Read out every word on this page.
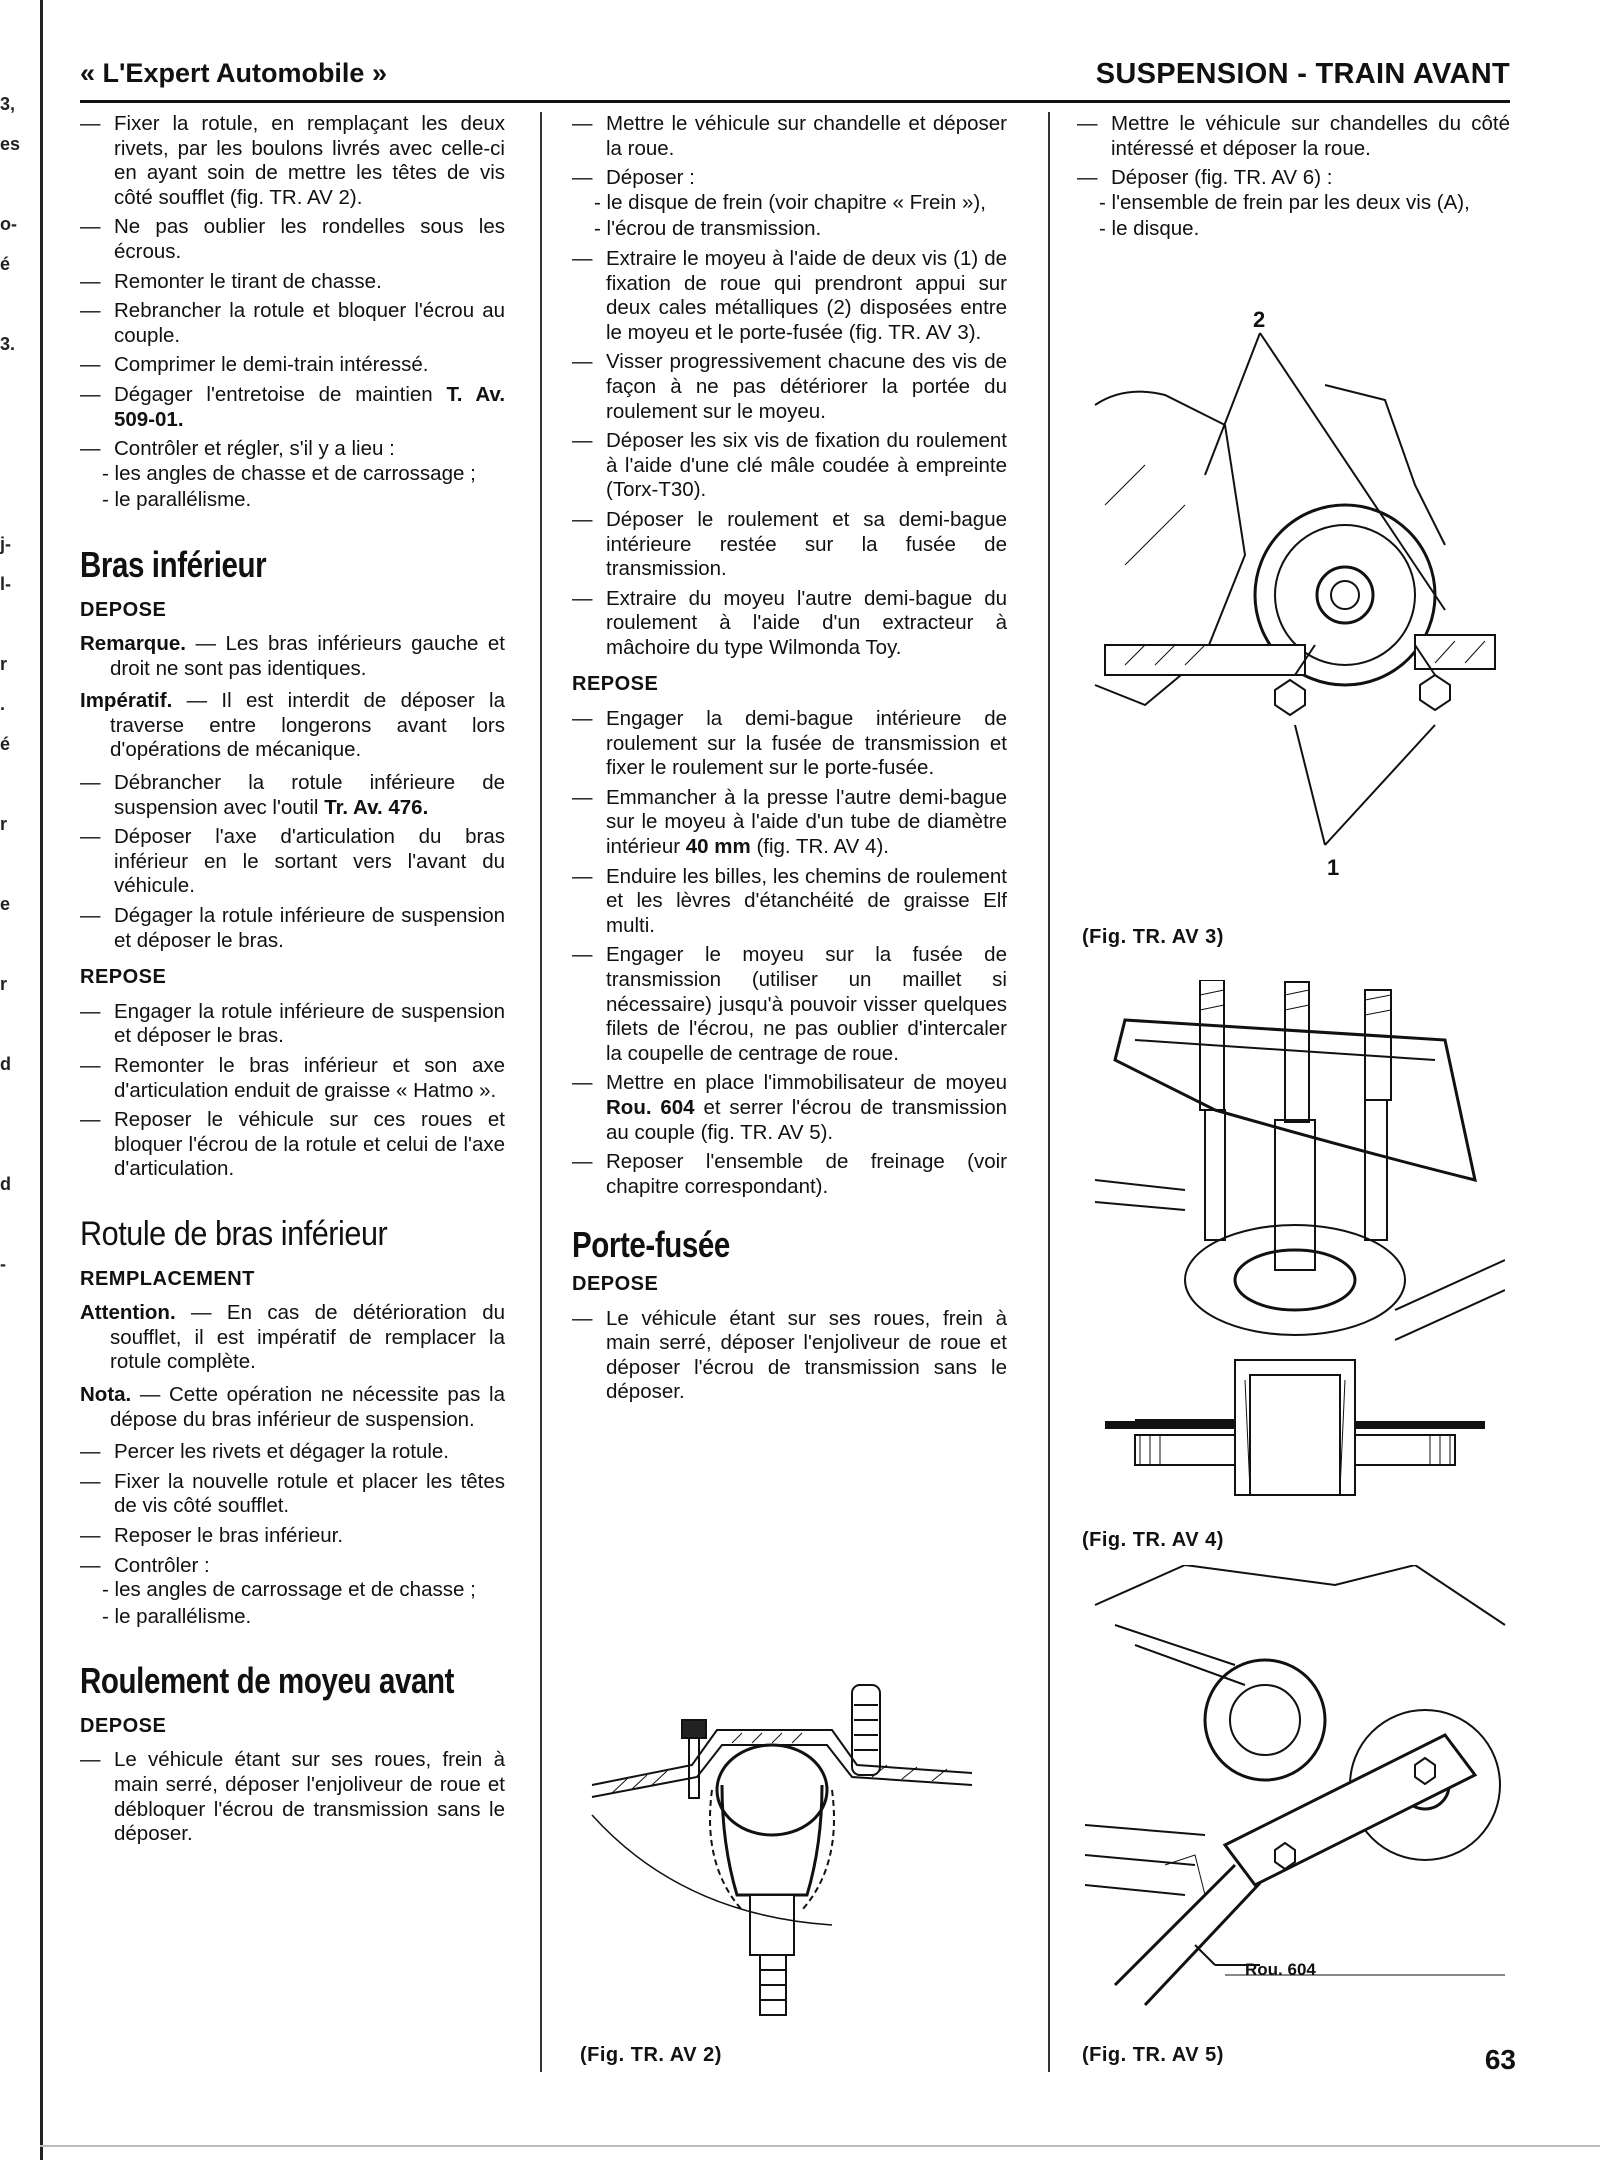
3,
es
o-
é
3.
j-
l-
r
.
é
r
e
r
d
d
-
« L'Expert Automobile »	SUSPENSION - TRAIN AVANT
— Fixer la rotule, en remplaçant les deux rivets, par les boulons livrés avec celle-ci en ayant soin de mettre les têtes de vis côté soufflet (fig. TR. AV 2).
— Ne pas oublier les rondelles sous les écrous.
— Remonter le tirant de chasse.
— Rebrancher la rotule et bloquer l'écrou au couple.
— Comprimer le demi-train intéressé.
— Dégager l'entretoise de maintien T. Av. 509-01.
— Contrôler et régler, s'il y a lieu :
- les angles de chasse et de carrossage ;
- le parallélisme.
Bras inférieur
DEPOSE
Remarque. — Les bras inférieurs gauche et droit ne sont pas identiques.
Impératif. — Il est interdit de déposer la traverse entre longerons avant lors d'opérations de mécanique.
— Débrancher la rotule inférieure de suspension avec l'outil Tr. Av. 476.
— Déposer l'axe d'articulation du bras inférieur en le sortant vers l'avant du véhicule.
— Dégager la rotule inférieure de suspension et déposer le bras.
REPOSE
— Engager la rotule inférieure de suspension et déposer le bras.
— Remonter le bras inférieur et son axe d'articulation enduit de graisse « Hatmo ».
— Reposer le véhicule sur ces roues et bloquer l'écrou de la rotule et celui de l'axe d'articulation.
Rotule de bras inférieur
REMPLACEMENT
Attention. — En cas de détérioration du soufflet, il est impératif de remplacer la rotule complète.
Nota. — Cette opération ne nécessite pas la dépose du bras inférieur de suspension.
— Percer les rivets et dégager la rotule.
— Fixer la nouvelle rotule et placer les têtes de vis côté soufflet.
— Reposer le bras inférieur.
— Contrôler :
- les angles de carrossage et de chasse ;
- le parallélisme.
Roulement de moyeu avant
DEPOSE
— Le véhicule étant sur ses roues, frein à main serré, déposer l'enjoliveur de roue et débloquer l'écrou de transmission sans le déposer.
— Mettre le véhicule sur chandelle et déposer la roue.
— Déposer :
- le disque de frein (voir chapitre « Frein »),
- l'écrou de transmission.
— Extraire le moyeu à l'aide de deux vis (1) de fixation de roue qui prendront appui sur deux cales métalliques (2) disposées entre le moyeu et le porte-fusée (fig. TR. AV 3).
— Visser progressivement chacune des vis de façon à ne pas détériorer la portée du roulement sur le moyeu.
— Déposer les six vis de fixation du roulement à l'aide d'une clé mâle coudée à empreinte (Torx-T30).
— Déposer le roulement et sa demi-bague intérieure restée sur la fusée de transmission.
— Extraire du moyeu l'autre demi-bague du roulement à l'aide d'un extracteur à mâchoire du type Wilmonda Toy.
REPOSE
— Engager la demi-bague intérieure de roulement sur la fusée de transmission et fixer le roulement sur le porte-fusée.
— Emmancher à la presse l'autre demi-bague sur le moyeu à l'aide d'un tube de diamètre intérieur 40 mm (fig. TR. AV 4).
— Enduire les billes, les chemins de roulement et les lèvres d'étanchéité de graisse Elf multi.
— Engager le moyeu sur la fusée de transmission (utiliser un maillet si nécessaire) jusqu'à pouvoir visser quelques filets de l'écrou, ne pas oublier d'intercaler la coupelle de centrage de roue.
— Mettre en place l'immobilisateur de moyeu Rou. 604 et serrer l'écrou de transmission au couple (fig. TR. AV 5).
— Reposer l'ensemble de freinage (voir chapitre correspondant).
Porte-fusée
DEPOSE
— Le véhicule étant sur ses roues, frein à main serré, déposer l'enjoliveur de roue et déposer l'écrou de transmission sans le déposer.
(Fig. TR. AV 2)
— Mettre le véhicule sur chandelles du côté intéressé et déposer la roue.
— Déposer (fig. TR. AV 6) :
- l'ensemble de frein par les deux vis (A),
- le disque.
2
1
(Fig. TR. AV 3)
(Fig. TR. AV 4)
Rou. 604
(Fig. TR. AV 5)	63
